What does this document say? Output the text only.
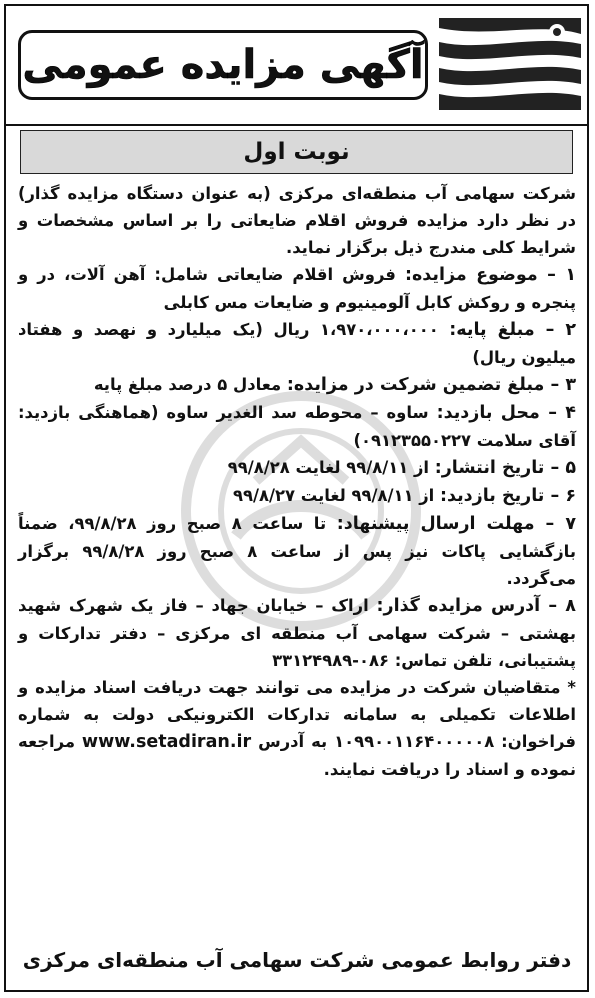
آگهی مزایده عمومی
نوبت اول

شرکت سهامی آب منطقه‌ای مرکزی (به عنوان دستگاه مزایده گذار) در نظر دارد مزایده فروش اقلام ضایعاتی را بر اساس مشخصات و شرایط کلی مندرج ذیل برگزار نماید.

۱ – موضوع مزایده: فروش اقلام ضایعاتی شامل: آهن آلات، در و پنجره و روکش کابل آلومینیوم و ضایعات مس کابلی

۲ – مبلغ پایه: ۱،۹۷۰،۰۰۰،۰۰۰ ریال (یک میلیارد و نهصد و هفتاد میلیون ریال)

۳ – مبلغ تضمین شرکت در مزایده: معادل ۵ درصد مبلغ پایه

۴ – محل بازدید: ساوه – محوطه سد الغدیر ساوه (هماهنگی بازدید: آقای سلامت ۰۹۱۲۳۵۵۰۲۲۷)

۵ – تاریخ انتشار: از ۹۹/۸/۱۱ لغایت ۹۹/۸/۲۸

۶ – تاریخ بازدید: از ۹۹/۸/۱۱ لغایت ۹۹/۸/۲۷

۷ – مهلت ارسال پیشنهاد: تا ساعت ۸ صبح روز ۹۹/۸/۲۸، ضمناً بازگشایی پاکات نیز پس از ساعت ۸ صبح روز ۹۹/۸/۲۸ برگزار می‌گردد.

۸ – آدرس مزایده گذار: اراک – خیابان جهاد – فاز یک شهرک شهید بهشتی – شرکت سهامی آب منطقه ای مرکزی – دفتر تدارکات و پشتیبانی، تلفن تماس: ۰۸۶-۳۳۱۲۴۹۸۹

* متقاضیان شرکت در مزایده می توانند جهت دریافت اسناد مزایده و اطلاعات تکمیلی به سامانه تدارکات الکترونیکی دولت به شماره فراخوان: ۱۰۹۹۰۰۱۱۶۴۰۰۰۰۰۸ به آدرس www.setadiran.ir مراجعه نموده و اسناد را دریافت نمایند.

دفتر روابط عمومی شرکت سهامی آب منطقه‌ای مرکزی
